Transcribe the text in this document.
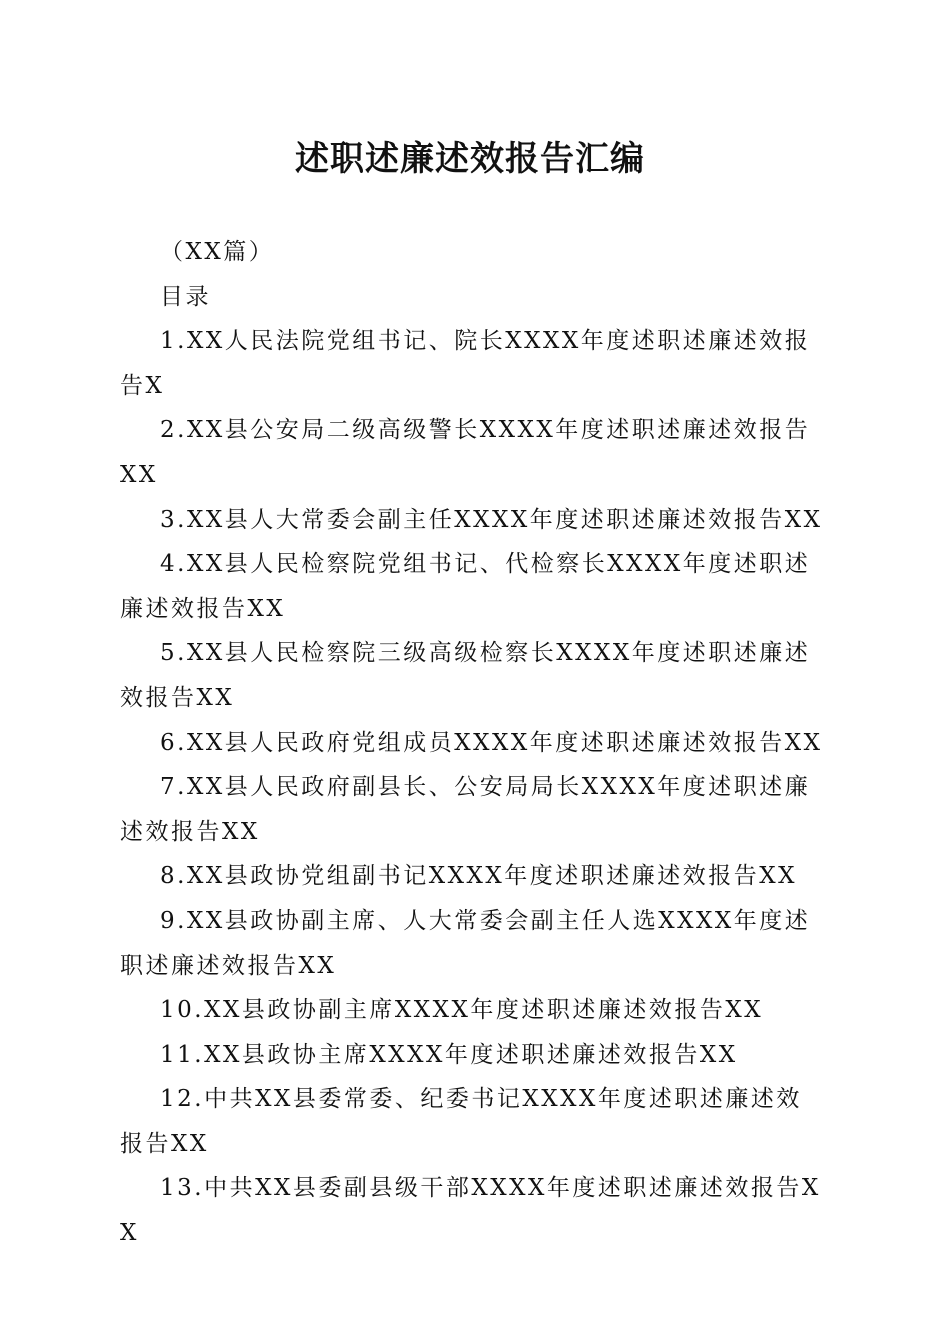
述职述廉述效报告汇编

（XX篇）

目录

1.XX人民法院党组书记、院长XXXX年度述职述廉述效报告X

2.XX县公安局二级高级警长XXXX年度述职述廉述效报告XX

3.XX县人大常委会副主任XXXX年度述职述廉述效报告XX

4.XX县人民检察院党组书记、代检察长XXXX年度述职述廉述效报告XX

5.XX县人民检察院三级高级检察长XXXX年度述职述廉述效报告XX

6.XX县人民政府党组成员XXXX年度述职述廉述效报告XX

7.XX县人民政府副县长、公安局局长XXXX年度述职述廉述效报告XX

8.XX县政协党组副书记XXXX年度述职述廉述效报告XX

9.XX县政协副主席、人大常委会副主任人选XXXX年度述职述廉述效报告XX

10.XX县政协副主席XXXX年度述职述廉述效报告XX

11.XX县政协主席XXXX年度述职述廉述效报告XX

12.中共XX县委常委、纪委书记XXXX年度述职述廉述效报告XX

13.中共XX县委副县级干部XXXX年度述职述廉述效报告XX
